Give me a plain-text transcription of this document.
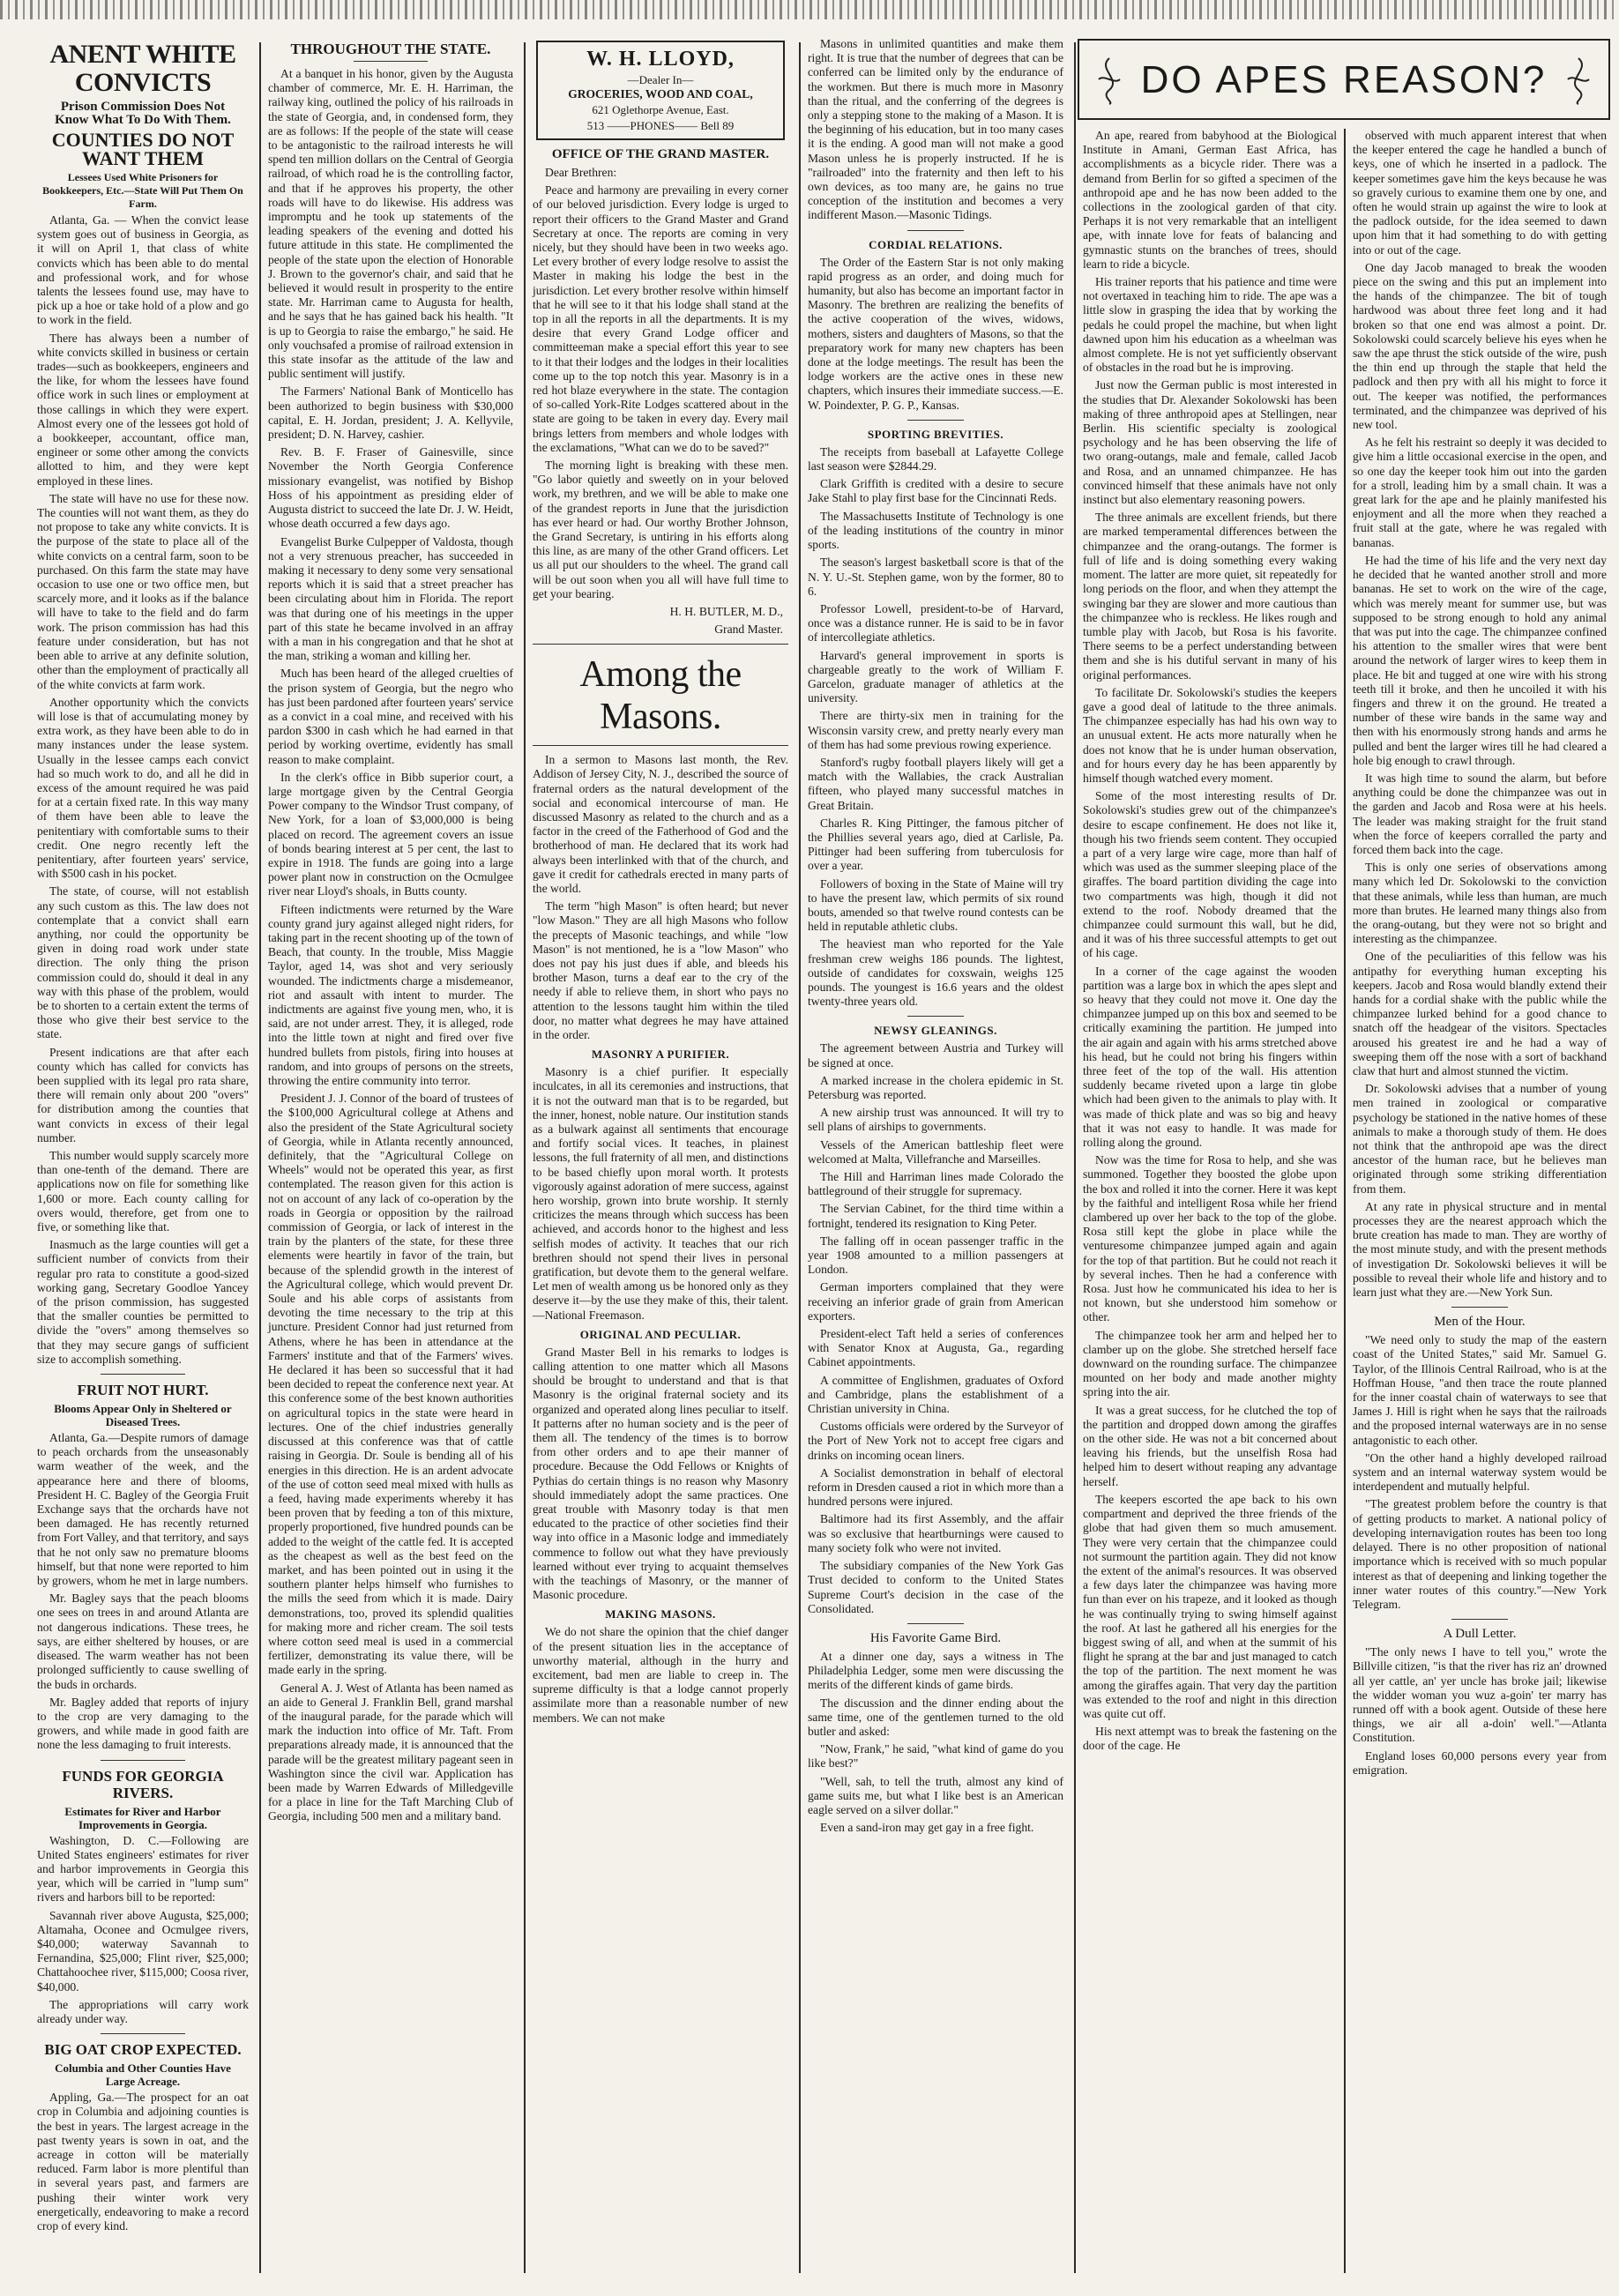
ANENT WHITE CONVICTS
Prison Commission Does Not Know What To Do With Them.
COUNTIES DO NOT WANT THEM
Lessees Used White Prisoners for Bookkeepers, Etc.—State Will Put Them On Farm.

Atlanta, Ga. — When the convict lease system goes out of business in Georgia, as it will on April 1, that class of white convicts which has been able to do mental and professional work, and for whose talents the lessees found use, may have to pick up a hoe or take hold of a plow and go to work in the field.

There has always been a number of white convicts skilled in business or certain trades—such as bookkeepers, engineers and the like, for whom the lessees have found office work in such lines or employment at those callings in which they were expert. Almost every one of the lessees got hold of a bookkeeper, accountant, office man, engineer or some other among the convicts allotted to him, and they were kept employed in these lines.

The state will have no use for these now. The counties will not want them, as they do not propose to take any white convicts. It is the purpose of the state to place all of the white convicts on a central farm, soon to be purchased. On this farm the state may have occasion to use one or two office men, but scarcely more, and it looks as if the balance will have to take to the field and do farm work. The prison commission has had this feature under consideration, but has not been able to arrive at any definite solution, other than the employment of practically all of the white convicts at farm work.

Another opportunity which the convicts will lose is that of accumulating money by extra work, as they have been able to do in many instances under the lease system. Usually in the lessee camps each convict had so much work to do, and all he did in excess of the amount required he was paid for at a certain fixed rate. In this way many of them have been able to leave the penitentiary with comfortable sums to their credit. One negro recently left the penitentiary, after fourteen years' service, with $500 cash in his pocket.

The state, of course, will not establish any such custom as this. The law does not contemplate that a convict shall earn anything, nor could the opportunity be given in doing road work under state direction. The only thing the prison commission could do, should it deal in any way with this phase of the problem, would be to shorten to a certain extent the terms of those who give their best service to the state.

Present indications are that after each county which has called for convicts has been supplied with its legal pro rata share, there will remain only about 200 "overs" for distribution among the counties that want convicts in excess of their legal number.

This number would supply scarcely more than one-tenth of the demand. There are applications now on file for something like 1,600 or more. Each county calling for overs would, therefore, get from one to five, or something like that.

Inasmuch as the large counties will get a sufficient number of convicts from their regular pro rata to constitute a good-sized working gang, Secretary Goodloe Yancey of the prison commission, has suggested that the smaller counties be permitted to divide the "overs" among themselves so that they may secure gangs of sufficient size to accomplish something.

FRUIT NOT HURT.
Blooms Appear Only in Sheltered or Diseased Trees.

Atlanta, Ga.—Despite rumors of damage to peach orchards from the unseasonably warm weather of the week, and the appearance here and there of blooms, President H. C. Bagley of the Georgia Fruit Exchange says that the orchards have not been damaged. He has recently returned from Fort Valley, and that territory, and says that he not only saw no premature blooms himself, but that none were reported to him by growers, whom he met in large numbers.

Mr. Bagley says that the peach blooms one sees on trees in and around Atlanta are not dangerous indications. These trees, he says, are either sheltered by houses, or are diseased. The warm weather has not been prolonged sufficiently to cause swelling of the buds in orchards.

Mr. Bagley added that reports of injury to the crop are very damaging to the growers, and while made in good faith are none the less damaging to fruit interests.

FUNDS FOR GEORGIA RIVERS.
Estimates for River and Harbor Improvements in Georgia.

Washington, D. C.—Following are United States engineers' estimates for river and harbor improvements in Georgia this year, which will be carried in "lump sum" rivers and harbors bill to be reported:

Savannah river above Augusta, $25,000; Altamaha, Oconee and Ocmulgee rivers, $40,000; waterway Savannah to Fernandina, $25,000; Flint river, $25,000; Chattahoochee river, $115,000; Coosa river, $40,000.

The appropriations will carry work already under way.

BIG OAT CROP EXPECTED.
Columbia and Other Counties Have Large Acreage.

Appling, Ga.—The prospect for an oat crop in Columbia and adjoining counties is the best in years. The largest acreage in the past twenty years is sown in oat, and the acreage in cotton will be materially reduced. Farm labor is more plentiful than in several years past, and farmers are pushing their winter work very energetically, endeavoring to make a record crop of every kind.

THROUGHOUT THE STATE.

At a banquet in his honor, given by the Augusta chamber of commerce, Mr. E. H. Harriman, the railway king, outlined the policy of his railroads in the state of Georgia, and, in condensed form, they are as follows: If the people of the state will cease to be antagonistic to the railroad interests he will spend ten million dollars on the Central of Georgia railroad, of which road he is the controlling factor, and that if he approves his property, the other roads will have to do likewise. His address was impromptu and he took up statements of the leading speakers of the evening and dotted his future attitude in this state. He complimented the people of the state upon the election of Honorable J. Brown to the governor's chair, and said that he believed it would result in prosperity to the entire state. Mr. Harriman came to Augusta for health, and he says that he has gained back his health. "It is up to Georgia to raise the embargo," he said. He only vouchsafed a promise of railroad extension in this state insofar as the attitude of the law and public sentiment will justify.

The Farmers' National Bank of Monticello has been authorized to begin business with $30,000 capital, E. H. Jordan, president; J. A. Kellyvile, president; D. N. Harvey, cashier.

Rev. B. F. Fraser of Gainesville, since November the North Georgia Conference missionary evangelist, was notified by Bishop Hoss of his appointment as presiding elder of Augusta district to succeed the late Dr. J. W. Heidt, whose death occurred a few days ago.

Evangelist Burke Culpepper of Valdosta, though not a very strenuous preacher, has succeeded in making it necessary to deny some very sensational reports which it is said that a street preacher has been circulating about him in Florida. The report was that during one of his meetings in the upper part of this state he became involved in an affray with a man in his congregation and that he shot at the man, striking a woman and killing her.

Much has been heard of the alleged cruelties of the prison system of Georgia, but the negro who has just been pardoned after fourteen years' service as a convict in a coal mine, and received with his pardon $300 in cash which he had earned in that period by working overtime, evidently has small reason to make complaint.

In the clerk's office in Bibb superior court, a large mortgage given by the Central Georgia Power company to the Windsor Trust company, of New York, for a loan of $3,000,000 is being placed on record. The agreement covers an issue of bonds bearing interest at 5 per cent, the last to expire in 1918. The funds are going into a large power plant now in construction on the Ocmulgee river near Lloyd's shoals, in Butts county.

Fifteen indictments were returned by the Ware county grand jury against alleged night riders, for taking part in the recent shooting up of the town of Beach, that county. In the trouble, Miss Maggie Taylor, aged 14, was shot and very seriously wounded. The indictments charge a misdemeanor, riot and assault with intent to murder. The indictments are against five young men, who, it is said, are not under arrest. They, it is alleged, rode into the little town at night and fired over five hundred bullets from pistols, firing into houses at random, and into groups of persons on the streets, throwing the entire community into terror.

President J. J. Connor of the board of trustees of the $100,000 Agricultural college at Athens and also the president of the State Agricultural society of Georgia, while in Atlanta recently announced, definitely, that the "Agricultural College on Wheels" would not be operated this year, as first contemplated. The reason given for this action is not on account of any lack of co-operation by the roads in Georgia or opposition by the railroad commission of Georgia, or lack of interest in the train by the planters of the state, for these three elements were heartily in favor of the train, but because of the splendid growth in the interest of the Agricultural college, which would prevent Dr. Soule and his able corps of assistants from devoting the time necessary to the trip at this juncture. President Connor had just returned from Athens, where he has been in attendance at the Farmers' institute and that of the Farmers' wives. He declared it has been so successful that it had been decided to repeat the conference next year. At this conference some of the best known authorities on agricultural topics in the state were heard in lectures. One of the chief industries generally discussed at this conference was that of cattle raising in Georgia. Dr. Soule is bending all of his energies in this direction. He is an ardent advocate of the use of cotton seed meal mixed with hulls as a feed, having made experiments whereby it has been proven that by feeding a ton of this mixture, properly proportioned, five hundred pounds can be added to the weight of the cattle fed. It is accepted as the cheapest as well as the best feed on the market, and has been pointed out in using it the southern planter helps himself who furnishes to the mills the seed from which it is made. Dairy demonstrations, too, proved its splendid qualities for making more and richer cream. The soil tests where cotton seed meal is used in a commercial fertilizer, demonstrating its value there, will be made early in the spring.

General A. J. West of Atlanta has been named as an aide to General J. Franklin Bell, grand marshal of the inaugural parade, for the parade which will mark the induction into office of Mr. Taft. From preparations already made, it is announced that the parade will be the greatest military pageant seen in Washington since the civil war. Application has been made by Warren Edwards of Milledgeville for a place in line for the Taft Marching Club of Georgia, including 500 men and a military band.

W. H. LLOYD,
—Dealer In—
GROCERIES, WOOD AND COAL,
621 Oglethorpe Avenue, East.
513 ——PHONES—— Bell 89
OFFICE OF THE GRAND MASTER.

Dear Brethren:

Peace and harmony are prevailing in every corner of our beloved jurisdiction. Every lodge is urged to report their officers to the Grand Master and Grand Secretary at once. The reports are coming in very nicely, but they should have been in two weeks ago. Let every brother of every lodge resolve to assist the Master in making his lodge the best in the jurisdiction. Let every brother resolve within himself that he will see to it that his lodge shall stand at the top in all the reports in all the departments. It is my desire that every Grand Lodge officer and committeeman make a special effort this year to see to it that their lodges and the lodges in their localities come up to the top notch this year. Masonry is in a red hot blaze everywhere in the state. The contagion of so-called York-Rite Lodges scattered about in the state are going to be taken in every day. Every mail brings letters from members and whole lodges with the exclamations, "What can we do to be saved?"

The morning light is breaking with these men. "Go labor quietly and sweetly on in your beloved work, my brethren, and we will be able to make one of the grandest reports in June that the jurisdiction has ever heard or had. Our worthy Brother Johnson, the Grand Secretary, is untiring in his efforts along this line, as are many of the other Grand officers. Let us all put our shoulders to the wheel. The grand call will be out soon when you all will have full time to get your bearing.

H. H. BUTLER, M. D.,
Grand Master.
Among the Masons.

In a sermon to Masons last month, the Rev. Addison of Jersey City, N. J., described the source of fraternal orders as the natural development of the social and economical intercourse of man. He discussed Masonry as related to the church and as a factor in the creed of the Fatherhood of God and the brotherhood of man. He declared that its work had always been interlinked with that of the church, and gave it credit for cathedrals erected in many parts of the world.

The term "high Mason" is often heard; but never "low Mason." They are all high Masons who follow the precepts of Masonic teachings, and while "low Mason" is not mentioned, he is a "low Mason" who does not pay his just dues if able, and bleeds his brother Mason, turns a deaf ear to the cry of the needy if able to relieve them, in short who pays no attention to the lessons taught him within the tiled door, no matter what degrees he may have attained in the order.

MASONRY A PURIFIER.

Masonry is a chief purifier. It especially inculcates, in all its ceremonies and instructions, that it is not the outward man that is to be regarded, but the inner, honest, noble nature. Our institution stands as a bulwark against all sentiments that encourage and fortify social vices. It teaches, in plainest lessons, the full fraternity of all men, and distinctions to be based chiefly upon moral worth. It protests vigorously against adoration of mere success, against hero worship, grown into brute worship. It sternly criticizes the means through which success has been achieved, and accords honor to the highest and less selfish modes of activity. It teaches that our rich brethren should not spend their lives in personal gratification, but devote them to the general welfare. Let men of wealth among us be honored only as they deserve it—by the use they make of this, their talent.—National Freemason.

ORIGINAL AND PECULIAR.

Grand Master Bell in his remarks to lodges is calling attention to one matter which all Masons should be brought to understand and that is that Masonry is the original fraternal society and its organized and operated along lines peculiar to itself. It patterns after no human society and is the peer of them all. The tendency of the times is to borrow from other orders and to ape their manner of procedure. Because the Odd Fellows or Knights of Pythias do certain things is no reason why Masonry should immediately adopt the same practices. One great trouble with Masonry today is that men educated to the practice of other societies find their way into office in a Masonic lodge and immediately commence to follow out what they have previously learned without ever trying to acquaint themselves with the teachings of Masonry, or the manner of Masonic procedure.

MAKING MASONS.

We do not share the opinion that the chief danger of the present situation lies in the acceptance of unworthy material, although in the hurry and excitement, bad men are liable to creep in. The supreme difficulty is that a lodge cannot properly assimilate more than a reasonable number of new members. We can not make

Masons in unlimited quantities and make them right. It is true that the number of degrees that can be conferred can be limited only by the endurance of the workmen. But there is much more in Masonry than the ritual, and the conferring of the degrees is only a stepping stone to the making of a Mason. It is the beginning of his education, but in too many cases it is the ending. A good man will not make a good Mason unless he is properly instructed. If he is "railroaded" into the fraternity and then left to his own devices, as too many are, he gains no true conception of the institution and becomes a very indifferent Mason.—Masonic Tidings.

CORDIAL RELATIONS.

The Order of the Eastern Star is not only making rapid progress as an order, and doing much for humanity, but also has become an important factor in Masonry. The brethren are realizing the benefits of the active cooperation of the wives, widows, mothers, sisters and daughters of Masons, so that the preparatory work for many new chapters has been done at the lodge meetings. The result has been the lodge workers are the active ones in these new chapters, which insures their immediate success.—E. W. Poindexter, P. G. P., Kansas.

SPORTING BREVITIES.

The receipts from baseball at Lafayette College last season were $2844.29.

Clark Griffith is credited with a desire to secure Jake Stahl to play first base for the Cincinnati Reds.

The Massachusetts Institute of Technology is one of the leading institutions of the country in minor sports.

The season's largest basketball score is that of the N. Y. U.-St. Stephen game, won by the former, 80 to 6.

Professor Lowell, president-to-be of Harvard, once was a distance runner. He is said to be in favor of intercollegiate athletics.

Harvard's general improvement in sports is chargeable greatly to the work of William F. Garcelon, graduate manager of athletics at the university.

There are thirty-six men in training for the Wisconsin varsity crew, and pretty nearly every man of them has had some previous rowing experience.

Stanford's rugby football players likely will get a match with the Wallabies, the crack Australian fifteen, who played many successful matches in Great Britain.

Charles R. King Pittinger, the famous pitcher of the Phillies several years ago, died at Carlisle, Pa. Pittinger had been suffering from tuberculosis for over a year.

Followers of boxing in the State of Maine will try to have the present law, which permits of six round bouts, amended so that twelve round contests can be held in reputable athletic clubs.

The heaviest man who reported for the Yale freshman crew weighs 186 pounds. The lightest, outside of candidates for coxswain, weighs 125 pounds. The youngest is 16.6 years and the oldest twenty-three years old.

NEWSY GLEANINGS.

The agreement between Austria and Turkey will be signed at once.

A marked increase in the cholera epidemic in St. Petersburg was reported.

A new airship trust was announced. It will try to sell plans of airships to governments.

Vessels of the American battleship fleet were welcomed at Malta, Villefranche and Marseilles.

The Hill and Harriman lines made Colorado the battleground of their struggle for supremacy.

The Servian Cabinet, for the third time within a fortnight, tendered its resignation to King Peter.

The falling off in ocean passenger traffic in the year 1908 amounted to a million passengers at London.

German importers complained that they were receiving an inferior grade of grain from American exporters.

President-elect Taft held a series of conferences with Senator Knox at Augusta, Ga., regarding Cabinet appointments.

A committee of Englishmen, graduates of Oxford and Cambridge, plans the establishment of a Christian university in China.

Customs officials were ordered by the Surveyor of the Port of New York not to accept free cigars and drinks on incoming ocean liners.

A Socialist demonstration in behalf of electoral reform in Dresden caused a riot in which more than a hundred persons were injured.

Baltimore had its first Assembly, and the affair was so exclusive that heartburnings were caused to many society folk who were not invited.

The subsidiary companies of the New York Gas Trust decided to conform to the United States Supreme Court's decision in the case of the Consolidated.

His Favorite Game Bird.

At a dinner one day, says a witness in The Philadelphia Ledger, some men were discussing the merits of the different kinds of game birds.

The discussion and the dinner ending about the same time, one of the gentlemen turned to the old butler and asked:

"Now, Frank," he said, "what kind of game do you like best?"

"Well, sah, to tell the truth, almost any kind of game suits me, but what I like best is an American eagle served on a silver dollar."

Even a sand-iron may get gay in a free fight.

DO APES REASON?

An ape, reared from babyhood at the Biological Institute in Amani, German East Africa, has accomplishments as a bicycle rider. There was a demand from Berlin for so gifted a specimen of the anthropoid ape and he has now been added to the collections in the zoological garden of that city. Perhaps it is not very remarkable that an intelligent ape, with innate love for feats of balancing and gymnastic stunts on the branches of trees, should learn to ride a bicycle.

His trainer reports that his patience and time were not overtaxed in teaching him to ride. The ape was a little slow in grasping the idea that by working the pedals he could propel the machine, but when light dawned upon him his education as a wheelman was almost complete. He is not yet sufficiently observant of obstacles in the road but he is improving.

Just now the German public is most interested in the studies that Dr. Alexander Sokolowski has been making of three anthropoid apes at Stellingen, near Berlin. His scientific specialty is zoological psychology and he has been observing the life of two orang-outangs, male and female, called Jacob and Rosa, and an unnamed chimpanzee. He has convinced himself that these animals have not only instinct but also elementary reasoning powers.

The three animals are excellent friends, but there are marked temperamental differences between the chimpanzee and the orang-outangs. The former is full of life and is doing something every waking moment. The latter are more quiet, sit repeatedly for long periods on the floor, and when they attempt the swinging bar they are slower and more cautious than the chimpanzee who is reckless. He likes rough and tumble play with Jacob, but Rosa is his favorite. There seems to be a perfect understanding between them and she is his dutiful servant in many of his original performances.

To facilitate Dr. Sokolowski's studies the keepers gave a good deal of latitude to the three animals. The chimpanzee especially has had his own way to an unusual extent. He acts more naturally when he does not know that he is under human observation, and for hours every day he has been apparently by himself though watched every moment.

Some of the most interesting results of Dr. Sokolowski's studies grew out of the chimpanzee's desire to escape confinement. He does not like it, though his two friends seem content. They occupied a part of a very large wire cage, more than half of which was used as the summer sleeping place of the giraffes. The board partition dividing the cage into two compartments was high, though it did not extend to the roof. Nobody dreamed that the chimpanzee could surmount this wall, but he did, and it was of his three successful attempts to get out of his cage.

In a corner of the cage against the wooden partition was a large box in which the apes slept and so heavy that they could not move it. One day the chimpanzee jumped up on this box and seemed to be critically examining the partition. He jumped into the air again and again with his arms stretched above his head, but he could not bring his fingers within three feet of the top of the wall. His attention suddenly became riveted upon a large tin globe which had been given to the animals to play with. It was made of thick plate and was so big and heavy that it was not easy to handle. It was made for rolling along the ground.

Now was the time for Rosa to help, and she was summoned. Together they boosted the globe upon the box and rolled it into the corner. Here it was kept by the faithful and intelligent Rosa while her friend clambered up over her back to the top of the globe. Rosa still kept the globe in place while the venturesome chimpanzee jumped again and again for the top of that partition. But he could not reach it by several inches. Then he had a conference with Rosa. Just how he communicated his idea to her is not known, but she understood him somehow or other.

The chimpanzee took her arm and helped her to clamber up on the globe. She stretched herself face downward on the rounding surface. The chimpanzee mounted on her body and made another mighty spring into the air.

It was a great success, for he clutched the top of the partition and dropped down among the giraffes on the other side. He was not a bit concerned about leaving his friends, but the unselfish Rosa had helped him to desert without reaping any advantage herself.

The keepers escorted the ape back to his own compartment and deprived the three friends of the globe that had given them so much amusement. They were very certain that the chimpanzee could not surmount the partition again. They did not know the extent of the animal's resources. It was observed a few days later the chimpanzee was having more fun than ever on his trapeze, and it looked as though he was continually trying to swing himself against the roof. At last he gathered all his energies for the biggest swing of all, and when at the summit of his flight he sprang at the bar and just managed to catch the top of the partition. The next moment he was among the giraffes again. That very day the partition was extended to the roof and night in this direction was quite cut off.

His next attempt was to break the fastening on the door of the cage. He

observed with much apparent interest that when the keeper entered the cage he handled a bunch of keys, one of which he inserted in a padlock. The keeper sometimes gave him the keys because he was so gravely curious to examine them one by one, and often he would strain up against the wire to look at the padlock outside, for the idea seemed to dawn upon him that it had something to do with getting into or out of the cage.

One day Jacob managed to break the wooden piece on the swing and this put an implement into the hands of the chimpanzee. The bit of tough hardwood was about three feet long and it had broken so that one end was almost a point. Dr. Sokolowski could scarcely believe his eyes when he saw the ape thrust the stick outside of the wire, push the thin end up through the staple that held the padlock and then pry with all his might to force it out. The keeper was notified, the performances terminated, and the chimpanzee was deprived of his new tool.

As he felt his restraint so deeply it was decided to give him a little occasional exercise in the open, and so one day the keeper took him out into the garden for a stroll, leading him by a small chain. It was a great lark for the ape and he plainly manifested his enjoyment and all the more when they reached a fruit stall at the gate, where he was regaled with bananas.

He had the time of his life and the very next day he decided that he wanted another stroll and more bananas. He set to work on the wire of the cage, which was merely meant for summer use, but was supposed to be strong enough to hold any animal that was put into the cage. The chimpanzee confined his attention to the smaller wires that were bent around the network of larger wires to keep them in place. He bit and tugged at one wire with his strong teeth till it broke, and then he uncoiled it with his fingers and threw it on the ground. He treated a number of these wire bands in the same way and then with his enormously strong hands and arms he pulled and bent the larger wires till he had cleared a hole big enough to crawl through.

It was high time to sound the alarm, but before anything could be done the chimpanzee was out in the garden and Jacob and Rosa were at his heels. The leader was making straight for the fruit stand when the force of keepers corralled the party and forced them back into the cage.

This is only one series of observations among many which led Dr. Sokolowski to the conviction that these animals, while less than human, are much more than brutes. He learned many things also from the orang-outang, but they were not so bright and interesting as the chimpanzee.

One of the peculiarities of this fellow was his antipathy for everything human excepting his keepers. Jacob and Rosa would blandly extend their hands for a cordial shake with the public while the chimpanzee lurked behind for a good chance to snatch off the headgear of the visitors. Spectacles aroused his greatest ire and he had a way of sweeping them off the nose with a sort of backhand claw that hurt and almost stunned the victim.

Dr. Sokolowski advises that a number of young men trained in zoological or comparative psychology be stationed in the native homes of these animals to make a thorough study of them. He does not think that the anthropoid ape was the direct ancestor of the human race, but he believes man originated through some striking differentiation from them.

At any rate in physical structure and in mental processes they are the nearest approach which the brute creation has made to man. They are worthy of the most minute study, and with the present methods of investigation Dr. Sokolowski believes it will be possible to reveal their whole life and history and to learn just what they are.—New York Sun.

Men of the Hour.

"We need only to study the map of the eastern coast of the United States," said Mr. Samuel G. Taylor, of the Illinois Central Railroad, who is at the Hoffman House, "and then trace the route planned for the inner coastal chain of waterways to see that James J. Hill is right when he says that the railroads and the proposed internal waterways are in no sense antagonistic to each other.

"On the other hand a highly developed railroad system and an internal waterway system would be interdependent and mutually helpful.

"The greatest problem before the country is that of getting products to market. A national policy of developing internavigation routes has been too long delayed. There is no other proposition of national importance which is received with so much popular interest as that of deepening and linking together the inner water routes of this country."—New York Telegram.

A Dull Letter.

"The only news I have to tell you," wrote the Billville citizen, "is that the river has riz an' drowned all yer cattle, an' yer uncle has broke jail; likewise the widder woman you wuz a-goin' ter marry has runned off with a book agent. Outside of these here things, we air all a-doin' well."—Atlanta Constitution.

England loses 60,000 persons every year from emigration.
